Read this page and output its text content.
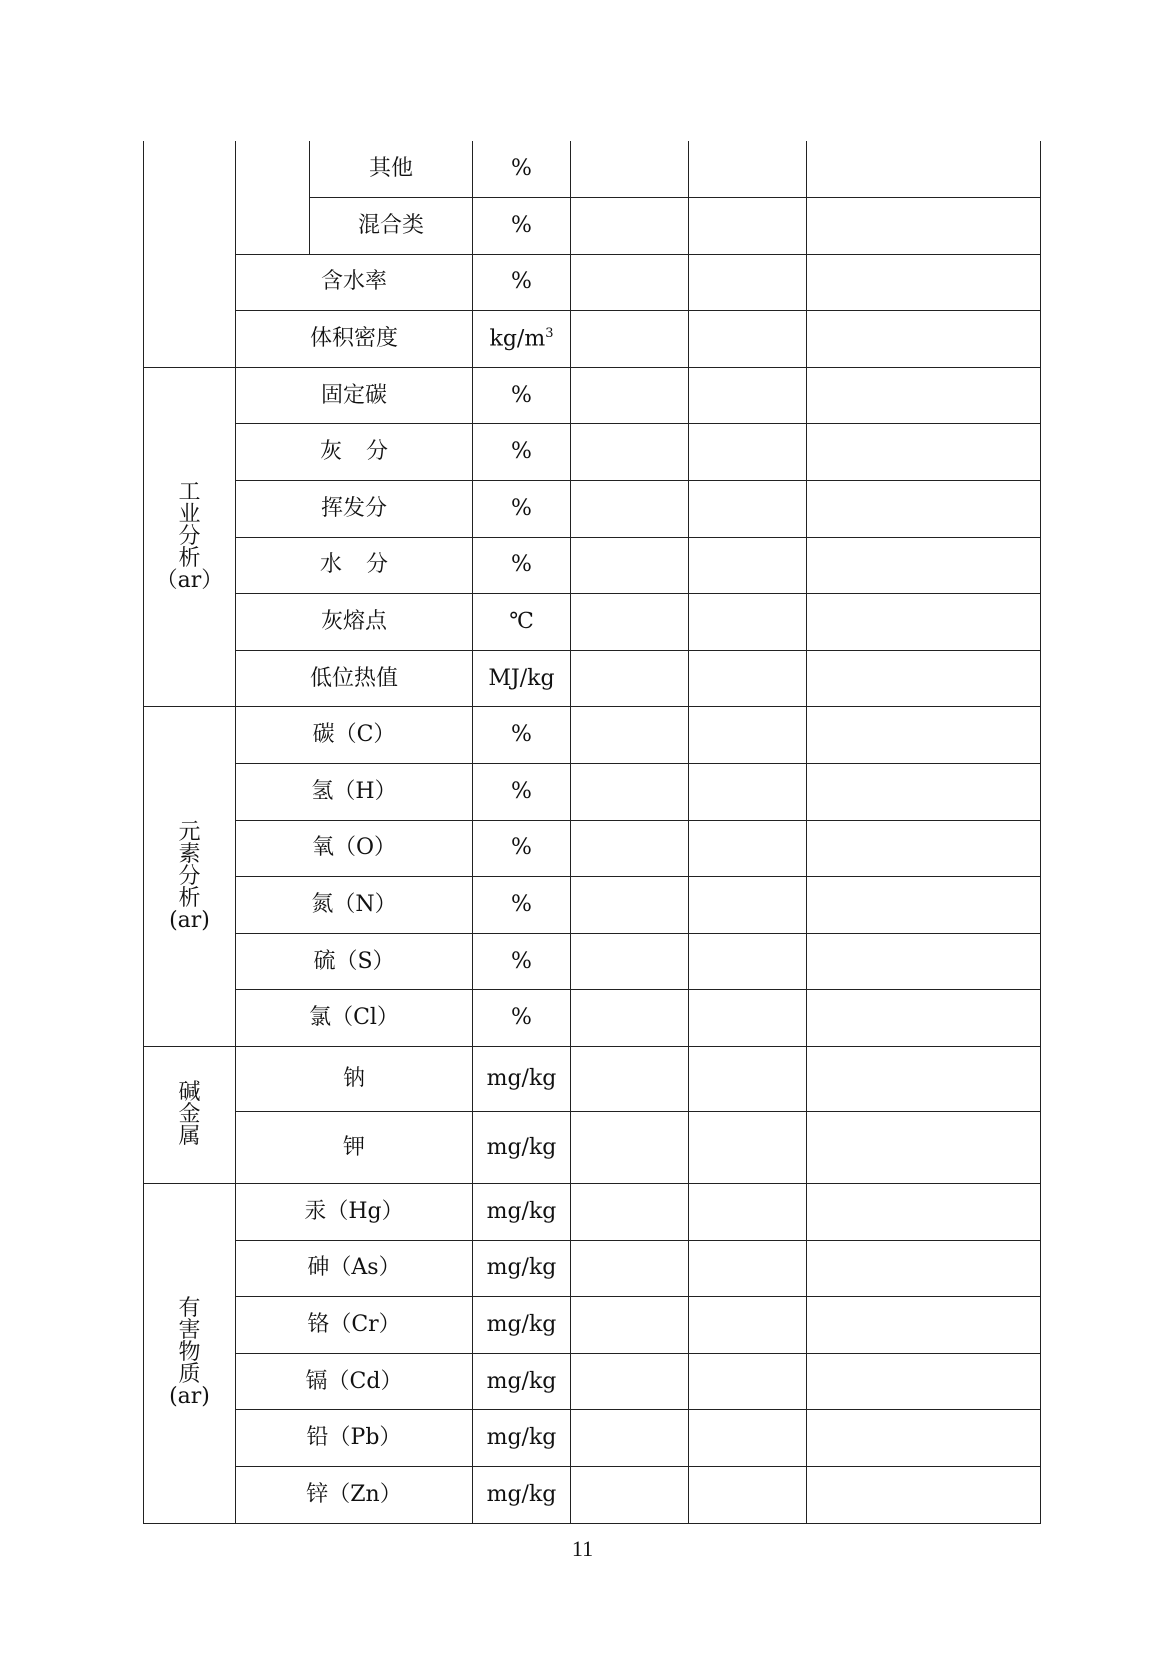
		其他	%			
		混合类	%			
	含水率		%			
	体积密度		$kg/m^3$			

工
业
分
析
（ar）	固定碳		%			
	灰分		%			
	挥发分		%			
	水分		%			
	灰熔点		℃			
	低位热值		MJ/kg			

元
素
分
析
(ar)	碳（C）		%			
	氢（H）		%			
	氧（O）		%			
	氮（N）		%			
	硫（S）		%			
	氯（Cl）		%			

碱
金
属	钠		mg/kg			
	钾		mg/kg			

有
害
物
质
(ar)	汞（Hg）		mg/kg			
	砷（As）		mg/kg			
	铬（Cr）		mg/kg			
	镉（Cd）		mg/kg			
	铅（Pb）		mg/kg			
	锌（Zn）		mg/kg			
11
